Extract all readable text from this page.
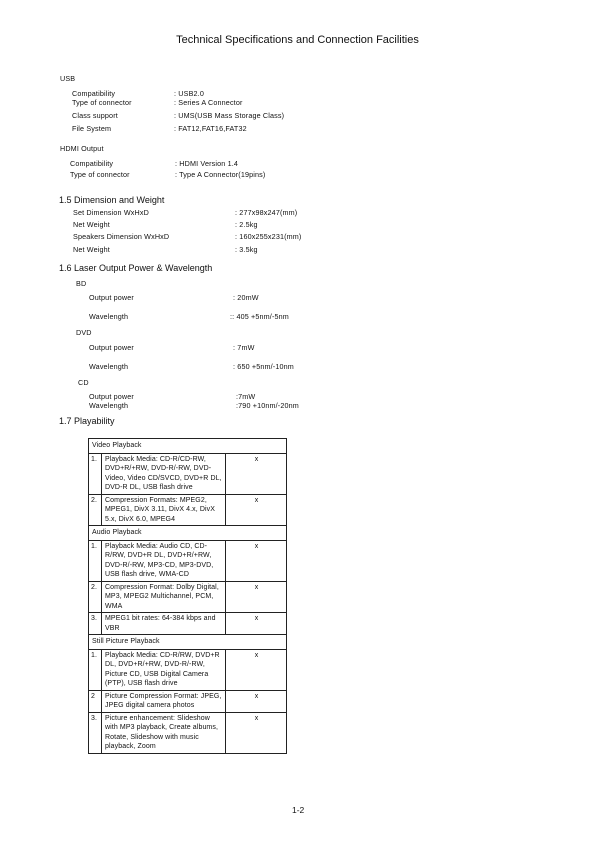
Technical Specifications and Connection Facilities
USB
Compatibility	: USB2.0
Type of connector	: Series A Connector
Class support	: UMS(USB Mass Storage Class)
File System	: FAT12,FAT16,FAT32
HDMI Output
Compatibility	: HDMI Version 1.4
Type of connector	: Type A Connector(19pins)
1.5 Dimension and Weight
Set Dimension WxHxD	: 277x98x247(mm)
Net Weight	: 2.5kg
Speakers Dimension WxHxD	: 160x255x231(mm)
Net Weight	: 3.5kg
1.6 Laser Output Power & Wavelength
BD
Output power	: 20mW
Wavelength	:: 405 +5nm/-5nm
DVD
Output power	: 7mW
Wavelength	: 650 +5nm/-10nm
CD
Output power	:7mW
Wavelength	:790 +10nm/-20nm
1.7 Playability
Video Playback		
1.	Playback Media: CD-R/CD-RW, DVD+R/+RW, DVD-R/-RW, DVD-Video, Video CD/SVCD, DVD+R DL, DVD-R DL, USB flash drive	x
2.	Compression Formats: MPEG2, MPEG1, DivX 3.11, DivX 4.x, DivX 5.x, DivX 6.0, MPEG4	x
Audio Playback		
1.	Playback Media: Audio CD, CD-R/RW, DVD+R DL, DVD+R/+RW, DVD-R/-RW, MP3-CD, MP3-DVD, USB flash drive, WMA-CD	x
2.	Compression Format: Dolby Digital, MP3, MPEG2 Multichannel, PCM, WMA	x
3.	MPEG1 bit rates: 64-384 kbps and VBR	x
Still Picture Playback		
1.	Playback Media: CD-R/RW, DVD+R DL, DVD+R/+RW, DVD-R/-RW, Picture CD, USB Digital Camera (PTP), USB flash drive	x
2	Picture Compression Format: JPEG, JPEG digital camera photos	x
3.	Picture enhancement: Slideshow with MP3 playback, Create albums, Rotate, Slideshow with music playback, Zoom	x
1-2
